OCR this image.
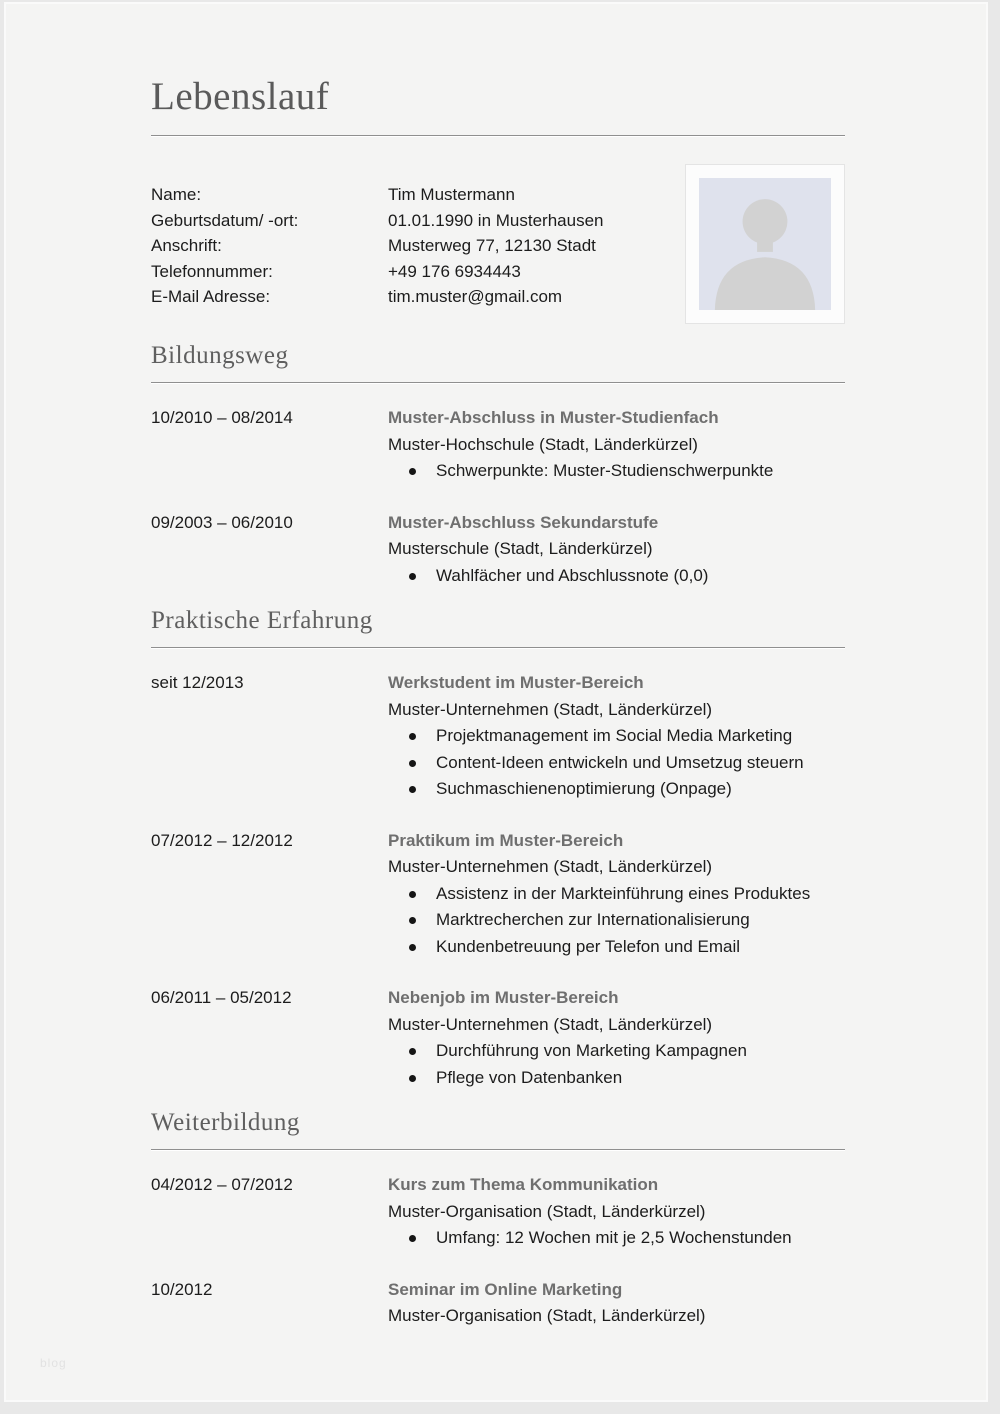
Lebenslauf
Name:	Tim Mustermann
Geburtsdatum/ -ort:	01.01.1990 in Musterhausen
Anschrift:	Musterweg 77, 12130 Stadt
Telefonnummer:	+49 176 6934443
E-Mail Adresse:	tim.muster@gmail.com
Bildungsweg
10/2010 – 08/2014	Muster-Abschluss in Muster-Studienfach
Muster-Hochschule (Stadt, Länderkürzel)
Schwerpunkte: Muster-Studienschwerpunkte
09/2003 – 06/2010	Muster-Abschluss Sekundarstufe
Musterschule (Stadt, Länderkürzel)
Wahlfächer und Abschlussnote (0,0)
Praktische Erfahrung
seit 12/2013	Werkstudent im Muster-Bereich
Muster-Unternehmen (Stadt, Länderkürzel)
Projektmanagement im Social Media Marketing
Content-Ideen entwickeln und Umsetzug steuern
Suchmaschienenoptimierung (Onpage)
07/2012 – 12/2012	Praktikum im Muster-Bereich
Muster-Unternehmen (Stadt, Länderkürzel)
Assistenz in der Markteinführung eines Produktes
Marktrecherchen zur Internationalisierung
Kundenbetreuung per Telefon und Email
06/2011 – 05/2012	Nebenjob im Muster-Bereich
Muster-Unternehmen (Stadt, Länderkürzel)
Durchführung von Marketing Kampagnen
Pflege von Datenbanken
Weiterbildung
04/2012 – 07/2012	Kurs zum Thema Kommunikation
Muster-Organisation (Stadt, Länderkürzel)
Umfang: 12 Wochen mit je 2,5 Wochenstunden
10/2012	Seminar im Online Marketing
Muster-Organisation (Stadt, Länderkürzel)
blog
